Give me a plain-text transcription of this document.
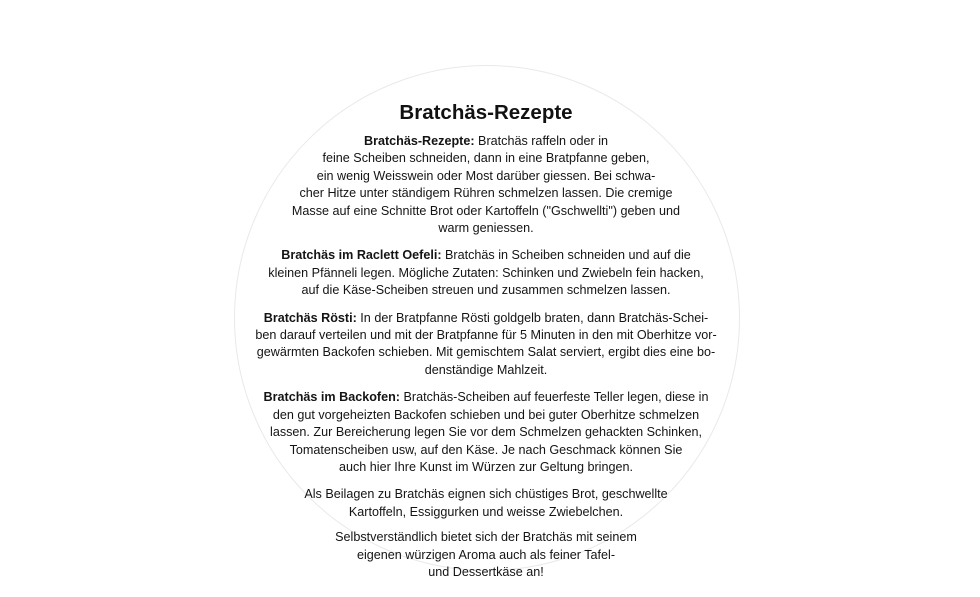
Bratchäs-Rezepte
Bratchäs-Rezepte: Bratchäs raffeln oder in
feine Scheiben schneiden, dann in eine Bratpfanne geben,
ein wenig Weisswein oder Most darüber giessen. Bei schwa-
cher Hitze unter ständigem Rühren schmelzen lassen. Die cremige
Masse auf eine Schnitte Brot oder Kartoffeln ("Gschwellti") geben und
warm geniessen.
Bratchäs im Raclett Oefeli: Bratchäs in Scheiben schneiden und auf die
kleinen Pfänneli legen. Mögliche Zutaten: Schinken und Zwiebeln fein hacken,
auf die Käse-Scheiben streuen und zusammen schmelzen lassen.
Bratchäs Rösti: In der Bratpfanne Rösti goldgelb braten, dann Bratchäs-Schei-
ben darauf verteilen und mit der Bratpfanne für 5 Minuten in den mit Oberhitze vor-
gewärmten Backofen schieben. Mit gemischtem Salat serviert, ergibt dies eine bo-
denständige Mahlzeit.
Bratchäs im Backofen: Bratchäs-Scheiben auf feuerfeste Teller legen, diese in
den gut vorgeheizten Backofen schieben und bei guter Oberhitze schmelzen
lassen. Zur Bereicherung legen Sie vor dem Schmelzen gehackten Schinken,
Tomatenscheiben usw, auf den Käse. Je nach Geschmack können Sie
auch hier Ihre Kunst im Würzen zur Geltung bringen.
Als Beilagen zu Bratchäs eignen sich chüstiges Brot, geschwellte
Kartoffeln, Essiggurken und weisse Zwiebelchen.
Selbstverständlich bietet sich der Bratchäs mit seinem
eigenen würzigen Aroma auch als feiner Tafel-
und Dessertkäse an!
